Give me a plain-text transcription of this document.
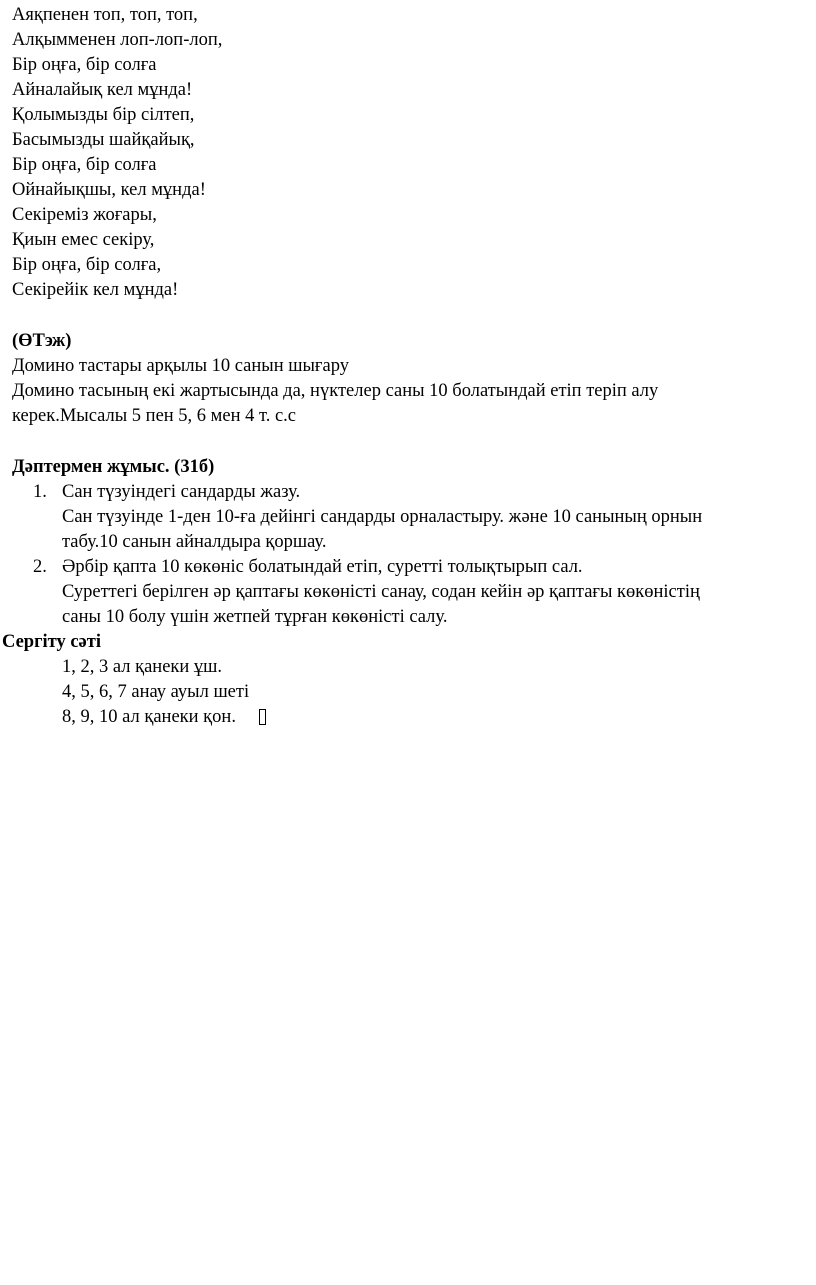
Аяқпенен топ, топ, топ,
Алқымменен лоп-лоп-лоп,
Бір оңға, бір солға
Айналайық кел мұнда!
Қолымызды бір сілтеп,
Басымызды шайқайық,
Бір оңға, бір солға
Ойнайықшы, кел мұнда!
Секіреміз жоғары,
Қиын емес секіру,
Бір оңға, бір солға,
Секірейік кел мұнда!
(ӨТэж)
Домино тастары арқылы 10 санын шығару
Домино тасының екі жартысында да, нүктелер саны 10 болатындай етіп теріп алу
керек.Мысалы 5 пен 5, 6 мен 4 т. с.с
Дәптермен жұмыс. (31б)
1. Сан түзуіндегі сандарды жазу.
Сан түзуінде 1-ден 10-ға дейінгі сандарды орналастыру. және 10 санының орнын
табу.10 санын айналдыра қоршау.
2. Әрбір қапта 10 көкөніс болатындай етіп, суретті толықтырып сал.
Суреттегі берілген әр қаптағы көкөністі санау, содан кейін әр қаптағы көкөністің
саны 10 болу үшін жетпей тұрған көкөністі салу.
Сергіту сәті
1, 2, 3 ал қанеки ұш.
4, 5, 6, 7 анау ауыл шеті
8, 9, 10 ал қанеки қон.
